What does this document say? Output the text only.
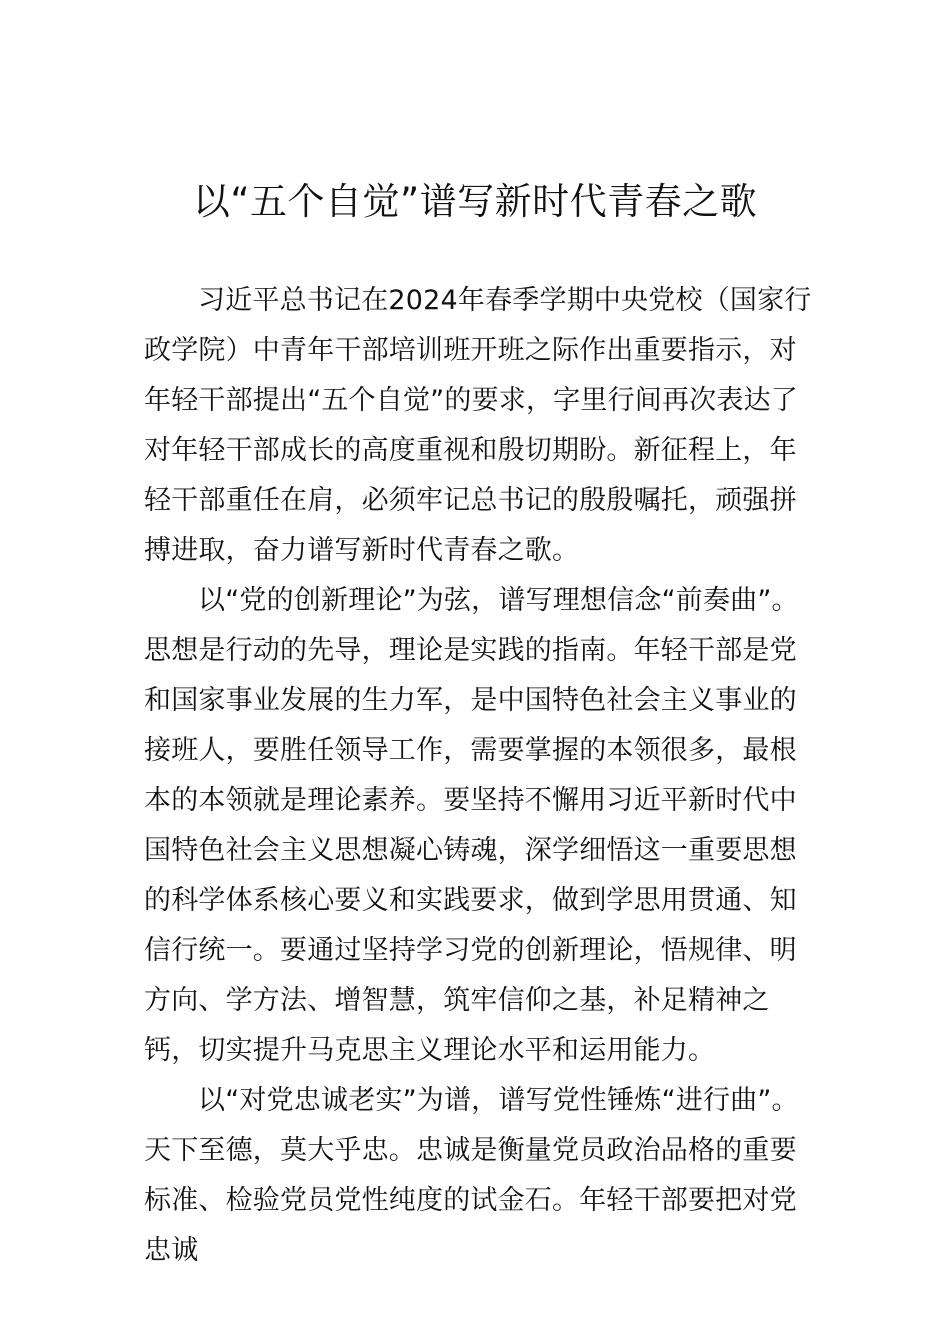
以“五个自觉”谱写新时代青春之歌

习近平总书记在2024年春季学期中央党校（国家行政学院）中青年干部培训班开班之际作出重要指示，对年轻干部提出“五个自觉”的要求，字里行间再次表达了对年轻干部成长的高度重视和殷切期盼。新征程上，年轻干部重任在肩，必须牢记总书记的殷殷嘱托，顽强拼搏进取，奋力谱写新时代青春之歌。

以“党的创新理论”为弦，谱写理想信念“前奏曲”。思想是行动的先导，理论是实践的指南。年轻干部是党和国家事业发展的生力军，是中国特色社会主义事业的接班人，要胜任领导工作，需要掌握的本领很多，最根本的本领就是理论素养。要坚持不懈用习近平新时代中国特色社会主义思想凝心铸魂，深学细悟这一重要思想的科学体系核心要义和实践要求，做到学思用贯通、知信行统一。要通过坚持学习党的创新理论，悟规律、明方向、学方法、增智慧，筑牢信仰之基，补足精神之钙，切实提升马克思主义理论水平和运用能力。

以“对党忠诚老实”为谱，谱写党性锤炼“进行曲”。天下至德，莫大乎忠。忠诚是衡量党员政治品格的重要标准、检验党员党性纯度的试金石。年轻干部要把对党忠诚
